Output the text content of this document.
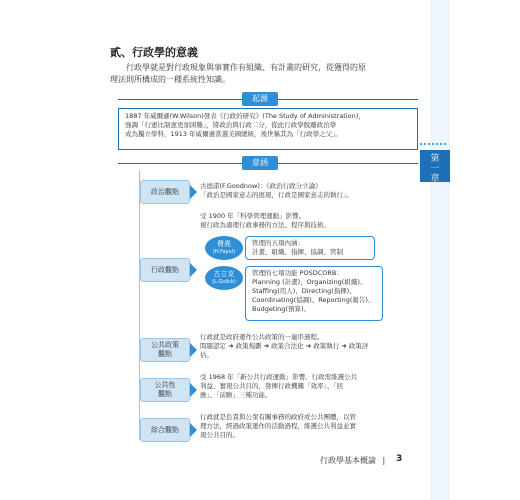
第
一
章
貳、行政學的意義
行政學就是對行政現象與事實作有組織、有計畫的研究，從獲得的原
理法則所構成的一種系統性知識。
起源
1887 年威爾遜(W.Wilson)發表《行政的研究》(The Study of Administration)，
強調「行憲比制憲更加困難」，將政治與行政二分，從此行政學脫離政治學
成為獨立學科，1913 年威爾遜當選美國總統，後世稱其為「行政學之父」。
意涵
政治觀點
古德諾(F.Goodnow)：《政治行政分立論》
「政治是國家意志的展現，行政是國家意志的執行」。
行政觀點
受 1900 年「科學管理運動」影響。
視行政為處理行政事務的方法、程序與技術。
費堯
(H.Fayol)
管理的五項內涵：
計畫、組織、指揮、協調、管制
古立克
(L.Gulick)
管理的七項功能 POSDCORB：
Planning (計畫)、Organizing(組織)、
Staffing(用人)、Directing(指揮)、
Coordinating(協調)、Reporting(報告)、
Budgeting(預算)。
公共政策
觀點
行政就是政府運作公共政策的一連串過程。
問題認定 ➜ 政策規劃 ➜ 政策合法化 ➜ 政策執行 ➜ 政策評
估。
公共性
觀點
受 1968 年「新公共行政運動」影響。行政需維護公共
利益、實現公共目的，發揮行政機關「效率」、「回
應」、「前瞻」三種功能。
綜合觀點
行政就是負責與公衆有關事務的政府或公共團體，以管
理方法，經過政策運作的活動過程，維護公共利益並實
現公共目的。
行政學基本概論 | 3
